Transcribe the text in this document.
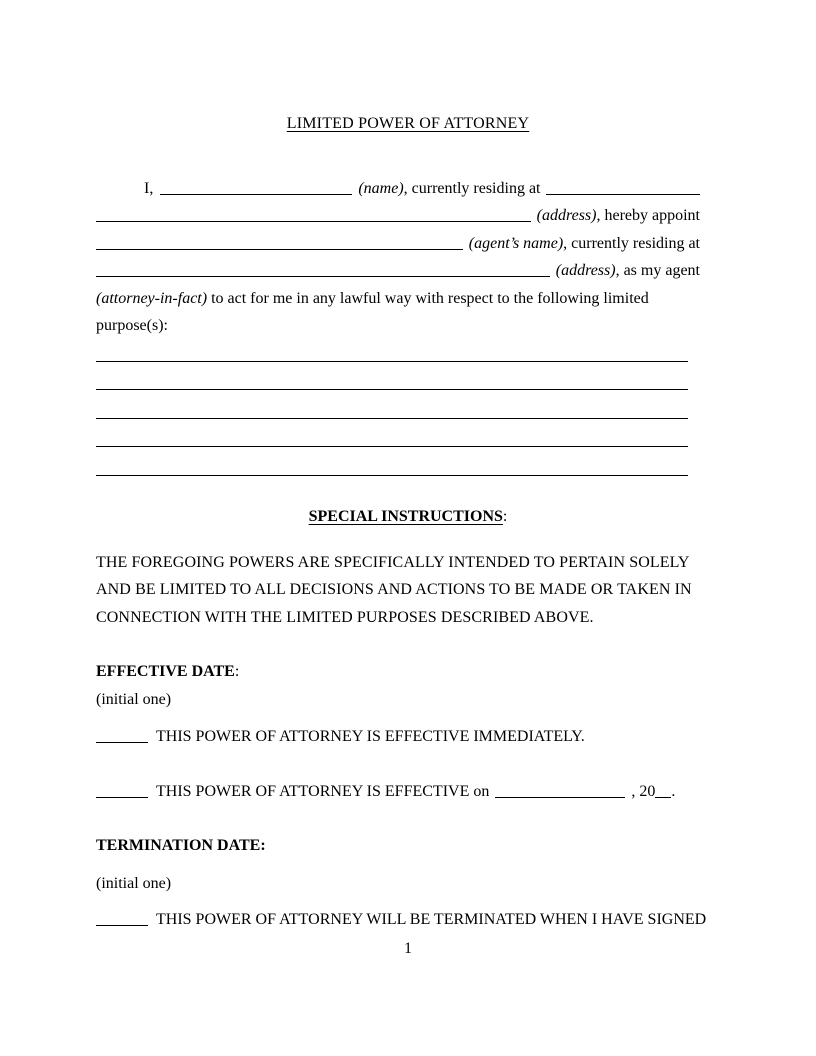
LIMITED POWER OF ATTORNEY
I,	(name) , currently residing at
(address) , hereby appoint
(agent’s name) , currently residing at
(address) , as my agent
(attorney-in-fact) to act for me in any lawful way with respect to the following limited
purpose(s):
SPECIAL INSTRUCTIONS:
THE FOREGOING POWERS ARE SPECIFICALLY INTENDED TO PERTAIN SOLELY
AND BE LIMITED TO ALL DECISIONS AND ACTIONS TO BE MADE OR TAKEN IN
CONNECTION WITH THE LIMITED PURPOSES DESCRIBED ABOVE.
EFFECTIVE DATE:
(initial one)
THIS POWER OF ATTORNEY IS EFFECTIVE IMMEDIATELY.
THIS POWER OF ATTORNEY IS EFFECTIVE on	, 20 .
TERMINATION DATE:
(initial one)
THIS POWER OF ATTORNEY WILL BE TERMINATED WHEN I HAVE SIGNED
1
